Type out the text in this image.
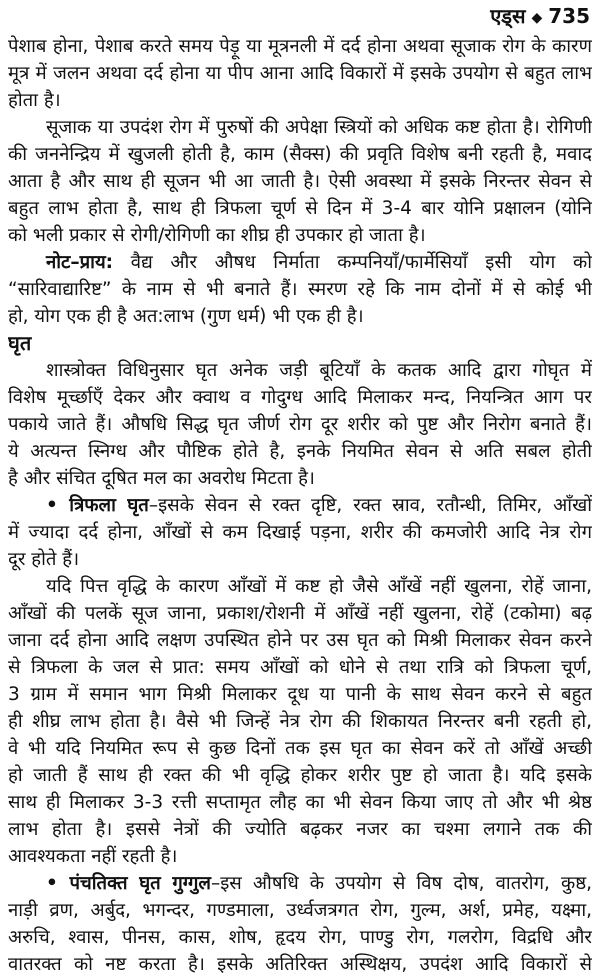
एड्स ◆ 735
पेशाब होना, पेशाब करते समय पेड़ू या मूत्रनली में दर्द होना अथवा सूजाक रोग के कारण
मूत्र में जलन अथवा दर्द होना या पीप आना आदि विकारों में इसके उपयोग से बहुत लाभ
होता है।
सूजाक या उपदंश रोग में पुरुषों की अपेक्षा स्त्रियों को अधिक कष्ट होता है। रोगिणी
की जननेन्द्रिय में खुजली होती है, काम (सैक्स) की प्रवृति विशेष बनी रहती है, मवाद
आता है और साथ ही सूजन भी आ जाती है। ऐसी अवस्था में इसके निरन्तर सेवन से
बहुत लाभ होता है, साथ ही त्रिफला चूर्ण से दिन में 3-4 बार योनि प्रक्षालन (योनि
को भली प्रकार से रोगी/रोगिणी का शीघ्र ही उपकार हो जाता है।
नोट–प्राय: वैद्य और औषध निर्माता कम्पनियाँ/फार्मेसियाँ इसी योग को
“सारिवाद्यारिष्ट” के नाम से भी बनाते हैं। स्मरण रहे कि नाम दोनों में से कोई भी
हो, योग एक ही है अत:लाभ (गुण धर्म) भी एक ही है।
घृत
शास्त्रोक्त विधिनुसार घृत अनेक जड़ी बूटियाँ के कतक आदि द्वारा गोघृत में
विशेष मूर्च्छाएँ देकर और क्वाथ व गोदुग्ध आदि मिलाकर मन्द, नियन्त्रित आग पर
पकाये जाते हैं। औषधि सिद्ध घृत जीर्ण रोग दूर शरीर को पुष्ट और निरोग बनाते हैं।
ये अत्यन्त स्निग्ध और पौष्टिक होते है, इनके नियमित सेवन से अति सबल होती
है और संचित दूषित मल का अवरोध मिटता है।
• त्रिफला घृत–इसके सेवन से रक्त दृष्टि, रक्त स्राव, रतौन्धी, तिमिर, आँखों
में ज्यादा दर्द होना, आँखों से कम दिखाई पड़ना, शरीर की कमजोरी आदि नेत्र रोग
दूर होते हैं।
यदि पित्त वृद्धि के कारण आँखों में कष्ट हो जैसे आँखें नहीं खुलना, रोहें जाना,
आँखों की पलकें सूज जाना, प्रकाश/रोशनी में आँखें नहीं खुलना, रोहें (टकोमा) बढ़
जाना दर्द होना आदि लक्षण उपस्थित होने पर उस घृत को मिश्री मिलाकर सेवन करने
से त्रिफला के जल से प्रात: समय आँखों को धोने से तथा रात्रि को त्रिफला चूर्ण,
3 ग्राम में समान भाग मिश्री मिलाकर दूध या पानी के साथ सेवन करने से बहुत
ही शीघ्र लाभ होता है। वैसे भी जिन्हें नेत्र रोग की शिकायत निरन्तर बनी रहती हो,
वे भी यदि नियमित रूप से कुछ दिनों तक इस घृत का सेवन करें तो आँखें अच्छी
हो जाती हैं साथ ही रक्त की भी वृद्धि होकर शरीर पुष्ट हो जाता है। यदि इसके
साथ ही मिलाकर 3-3 रत्ती सप्तामृत लौह का भी सेवन किया जाए तो और भी श्रेष्ठ
लाभ होता है। इससे नेत्रों की ज्योति बढ़कर नजर का चश्मा लगाने तक की
आवश्यकता नहीं रहती है।
• पंचतिक्त घृत गुग्गुल–इस औषधि के उपयोग से विष दोष, वातरोग, कुष्ठ,
नाड़ी व्रण, अर्बुद, भगन्दर, गण्डमाला, उर्ध्वजत्रगत रोग, गुल्म, अर्श, प्रमेह, यक्ष्मा,
अरुचि, श्वास, पीनस, कास, शोष, हृदय रोग, पाण्डु रोग, गलरोग, विद्रधि और
वातरक्त को नष्ट करता है। इसके अतिरिक्त अस्थिक्षय, उपदंश आदि विकारों से
